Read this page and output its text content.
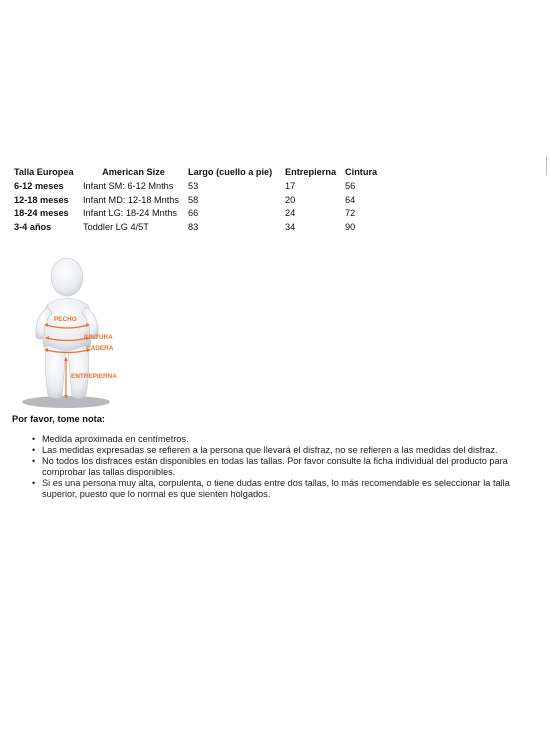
Talla Europea	American Size	Largo (cuello a pie)	Entrepierna	Cintura
6-12 meses	Infant SM: 6-12 Mnths	53	17	56
12-18 meses	Infant MD: 12-18 Mnths	58	20	64
18-24 meses	Infant LG: 18-24 Mnths	66	24	72
3-4 años	Toddler LG 4/5T	83	34	90
PECHO
CINTURA
CADERA
ENTREPIERNA
Por favor, tome nota:
• Medida aproximada en centímetros.
• Las medidas expresadas se refieren a la persona que llevará el disfraz, no se refieren a las medidas del disfraz.
• No todos los disfraces están disponibles en todas las tallas. Por favor consulte la ficha individual del producto para comprobar las tallas disponibles.
• Si es una persona muy alta, corpulenta, o tiene dudas entre dos tallas, lo más recomendable es seleccionar la talla superior, puesto que lo normal es que sienten holgados.
